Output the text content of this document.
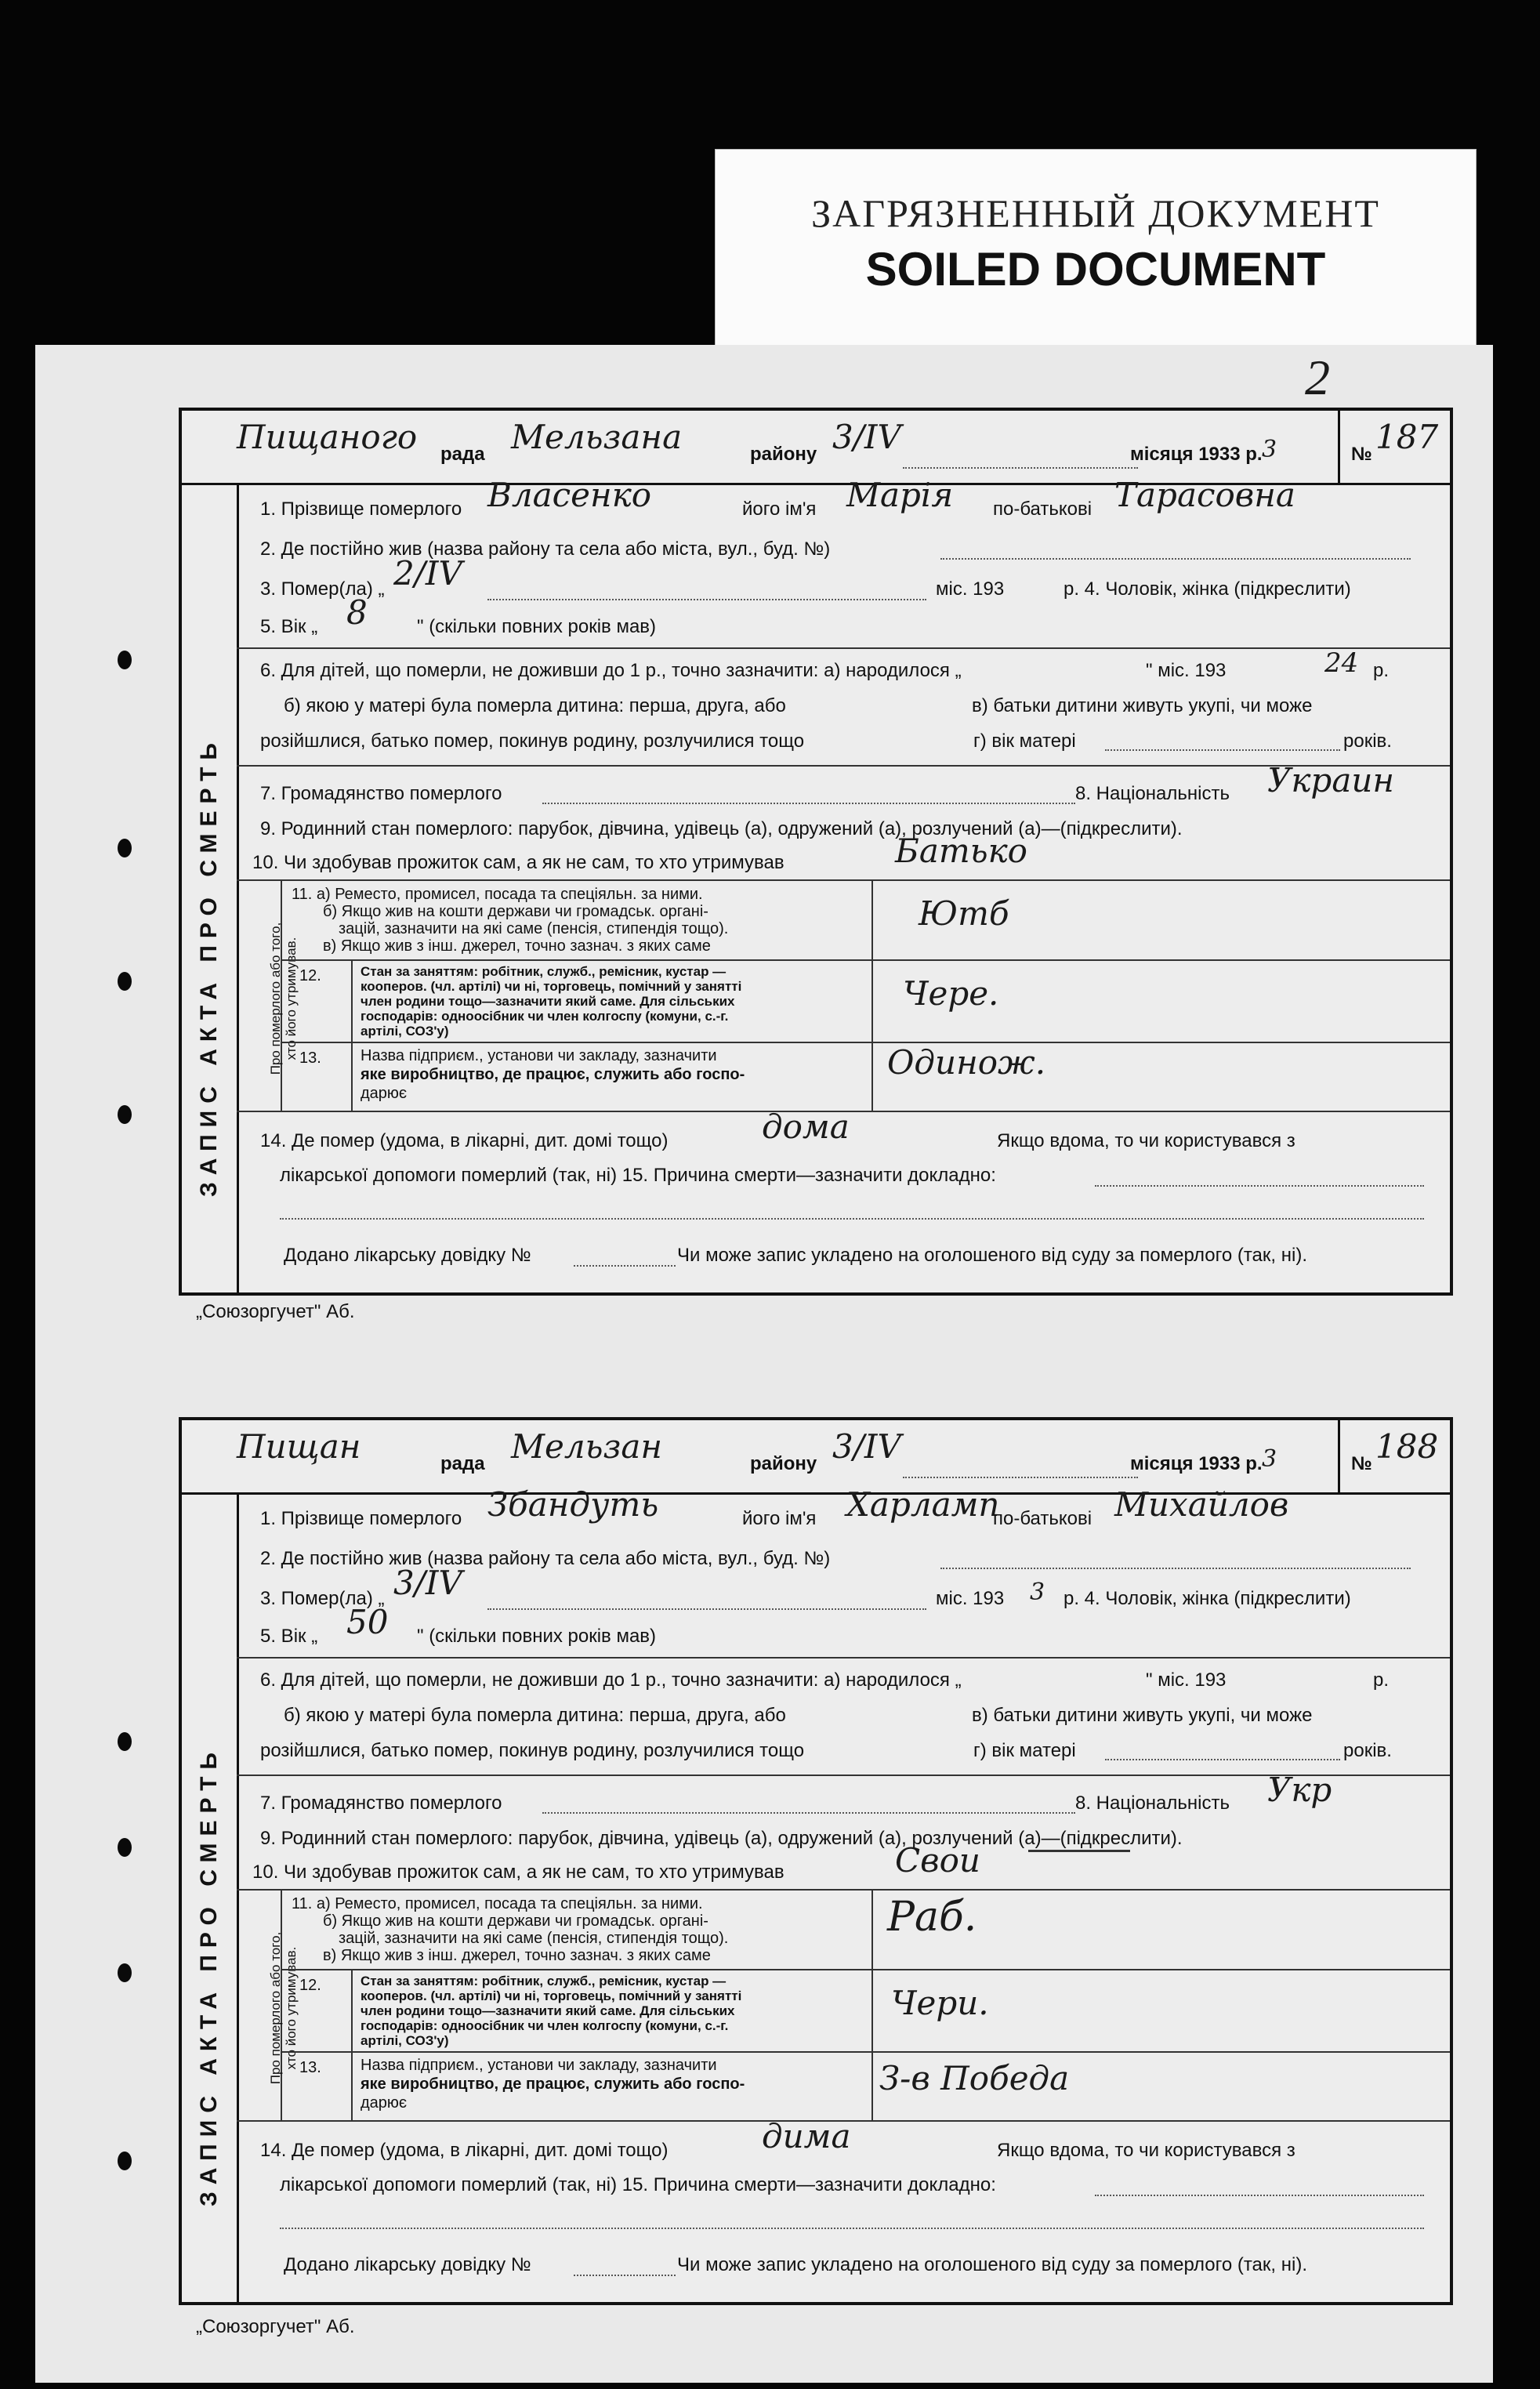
ЗАГРЯЗНЕННЫЙ ДОКУМЕНТ
SOILED DOCUMENT
2
Пищаного рада Мельзана	району 3/IV	місяця 1933 р. 3	№ 187
ЗАПИС АКТА ПРО СМЕРТЬ
1. Прізвище померлого Власенко	його ім'я Марія по-батькові Тарасовна
2. Де постійно жив (назва району та села або міста, вул., буд. №)
3. Помер(ла) „ 2/IV	міс. 193	р. 4. Чоловік, жінка (підкреслити)
5. Вік „ 8	" (скільки повних років мав)
6. Для дітей, що померли, не доживши до 1 р., точно зазначити: а) народилося „	" міс. 193	24 р.
б) якою у матері була померла дитина: перша, друга, або	в) батьки дитини живуть укупі, чи може
розійшлися, батько помер, покинув родину, розлучилися тощо	г) вік матері	років.
7. Громадянство померлого	8. Національність Украин
9. Родинний стан померлого: парубок, дівчина, удівець (а), одружений (а), розлучений (а)—(підкреслити).
10. Чи здобував прожиток сам, а як не сам, то хто утримував	Батько
Про померлого або того, хто його утримував.
11. а) Реместо, промисел, посада та спеціяльн. за ними.
б) Якщо жив на кошти держави чи громадськ. органі-
зацій, зазначити на які саме (пенсія, стипендія тощо).
в) Якщо жив з інш. джерел, точно зазнач. з яких саме
Ютб
12.	Стан за заняттям: робітник, служб., ремісник, кустар —
кооперов. (чл. артілі) чи ні, торговець, помічний у занятті
член родини тощо—зазначити який саме. Для сільських
господарів: одноосібник чи член колгоспу (комуни, с.-г.
артілі, СОЗ'у)
Чере.
13.	Назва підприєм., установи чи закладу, зазначити
яке виробництво, де працює, служить або госпо-
дарює
Одинож.
14. Де помер (удома, в лікарні, дит. домі тощо)	дома	Якщо вдома, то чи користувався з
лікарської допомоги померлий (так, ні) 15. Причина смерти—зазначити докладно:
Додано лікарську довідку №	Чи може запис укладено на оголошеного від суду за померлого (так, ні).
„Союзоргучет" Аб.
Пищан	рада Мельзан	району 3/IV	місяця 1933 р. 3	№ 188
ЗАПИС АКТА ПРО СМЕРТЬ
1. Прізвище померлого Збандуть	його ім'я Харламп
по-батькові Михайлов
2. Де постійно жив (назва району та села або міста, вул., буд. №)
3. Помер(ла) „ 3/IV	міс. 193 3 р. 4. Чоловік, жінка (підкреслити)
5. Вік „ 50 " (скільки повних років мав)
6. Для дітей, що померли, не доживши до 1 р., точно зазначити: а) народилося „	" міс. 193	р.
б) якою у матері була померла дитина: перша, друга, або	в) батьки дитини живуть укупі, чи може
розійшлися, батько помер, покинув родину, розлучилися тощо	г) вік матері	років.
7. Громадянство померлого	8. Національність Укр
9. Родинний стан померлого: парубок, дівчина, удівець (а), одружений (а), розлучений (а)—(підкреслити).
10. Чи здобував прожиток сам, а як не сам, то хто утримував	Свои
Про померлого або того, хто його утримував.
11. а) Реместо, промисел, посада та спеціяльн. за ними.
б) Якщо жив на кошти держави чи громадськ. органі-
зацій, зазначити на які саме (пенсія, стипендія тощо).
в) Якщо жив з інш. джерел, точно зазнач. з яких саме
Раб.
12.	Стан за заняттям: робітник, служб., ремісник, кустар —
кооперов. (чл. артілі) чи ні, торговець, помічний у занятті
член родини тощо—зазначити який саме. Для сільських
господарів: одноосібник чи член колгоспу (комуни, с.-г.
артілі, СОЗ'у)
Чери.
13.	Назва підприєм., установи чи закладу, зазначити
яке виробництво, де працює, служить або госпо-
дарює
З-в Победа
14. Де помер (удома, в лікарні, дит. домі тощо)	дима	Якщо вдома, то чи користувався з
лікарської допомоги померлий (так, ні) 15. Причина смерти—зазначити докладно:
Додано лікарську довідку №	Чи може запис укладено на оголошеного від суду за померлого (так, ні).
„Союзоргучет" Аб.
